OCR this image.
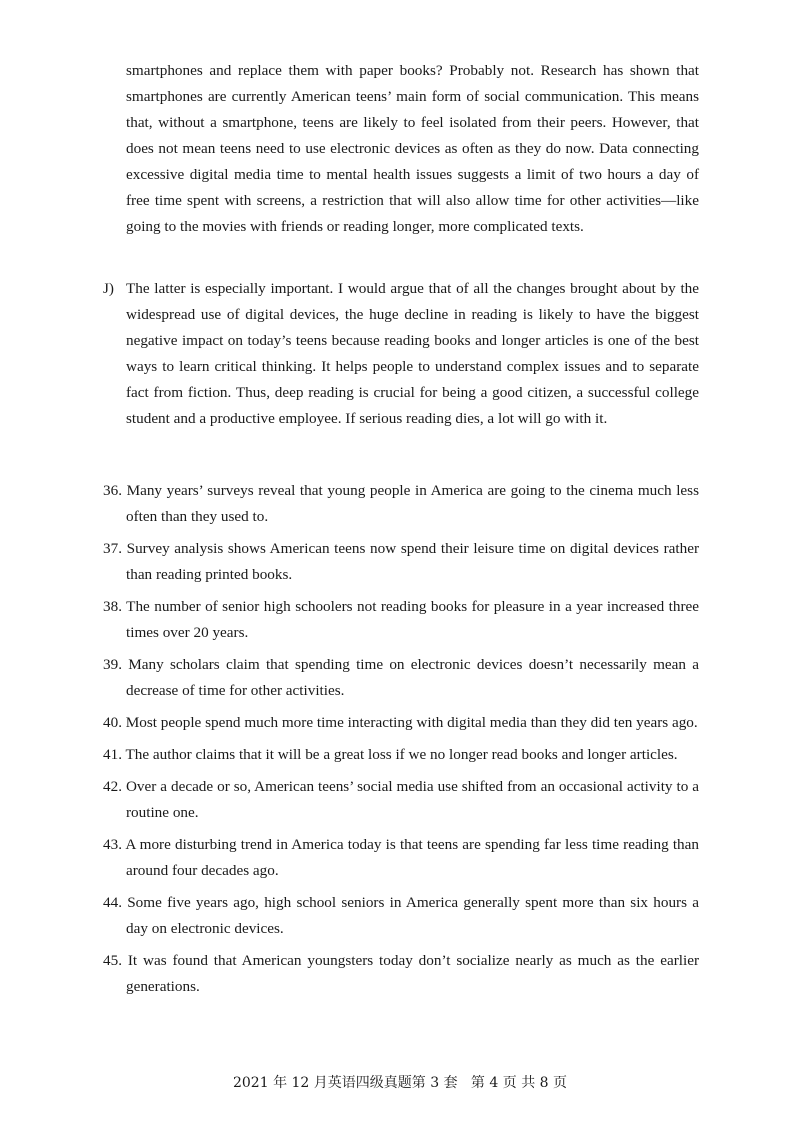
smartphones and replace them with paper books? Probably not. Research has shown that smartphones are currently American teens’ main form of social communication. This means that, without a smartphone, teens are likely to feel isolated from their peers. However, that does not mean teens need to use electronic devices as often as they do now. Data connecting excessive digital media time to mental health issues suggests a limit of two hours a day of free time spent with screens, a restriction that will also allow time for other activities—like going to the movies with friends or reading longer, more complicated texts.

J) The latter is especially important. I would argue that of all the changes brought about by the widespread use of digital devices, the huge decline in reading is likely to have the biggest negative impact on today’s teens because reading books and longer articles is one of the best ways to learn critical thinking. It helps people to understand complex issues and to separate fact from fiction. Thus, deep reading is crucial for being a good citizen, a successful college student and a productive employee. If serious reading dies, a lot will go with it.

36. Many years’ surveys reveal that young people in America are going to the cinema much less often than they used to.
37. Survey analysis shows American teens now spend their leisure time on digital devices rather than reading printed books.
38. The number of senior high schoolers not reading books for pleasure in a year increased three times over 20 years.
39. Many scholars claim that spending time on electronic devices doesn’t necessarily mean a decrease of time for other activities.
40. Most people spend much more time interacting with digital media than they did ten years ago.
41. The author claims that it will be a great loss if we no longer read books and longer articles.
42. Over a decade or so, American teens’ social media use shifted from an occasional activity to a routine one.
43. A more disturbing trend in America today is that teens are spending far less time reading than around four decades ago.
44. Some five years ago, high school seniors in America generally spent more than six hours a day on electronic devices.
45. It was found that American youngsters today don’t socialize nearly as much as the earlier generations.
2021 年 12 月英语四级真题第 3 套   第 4 页 共 8 页
